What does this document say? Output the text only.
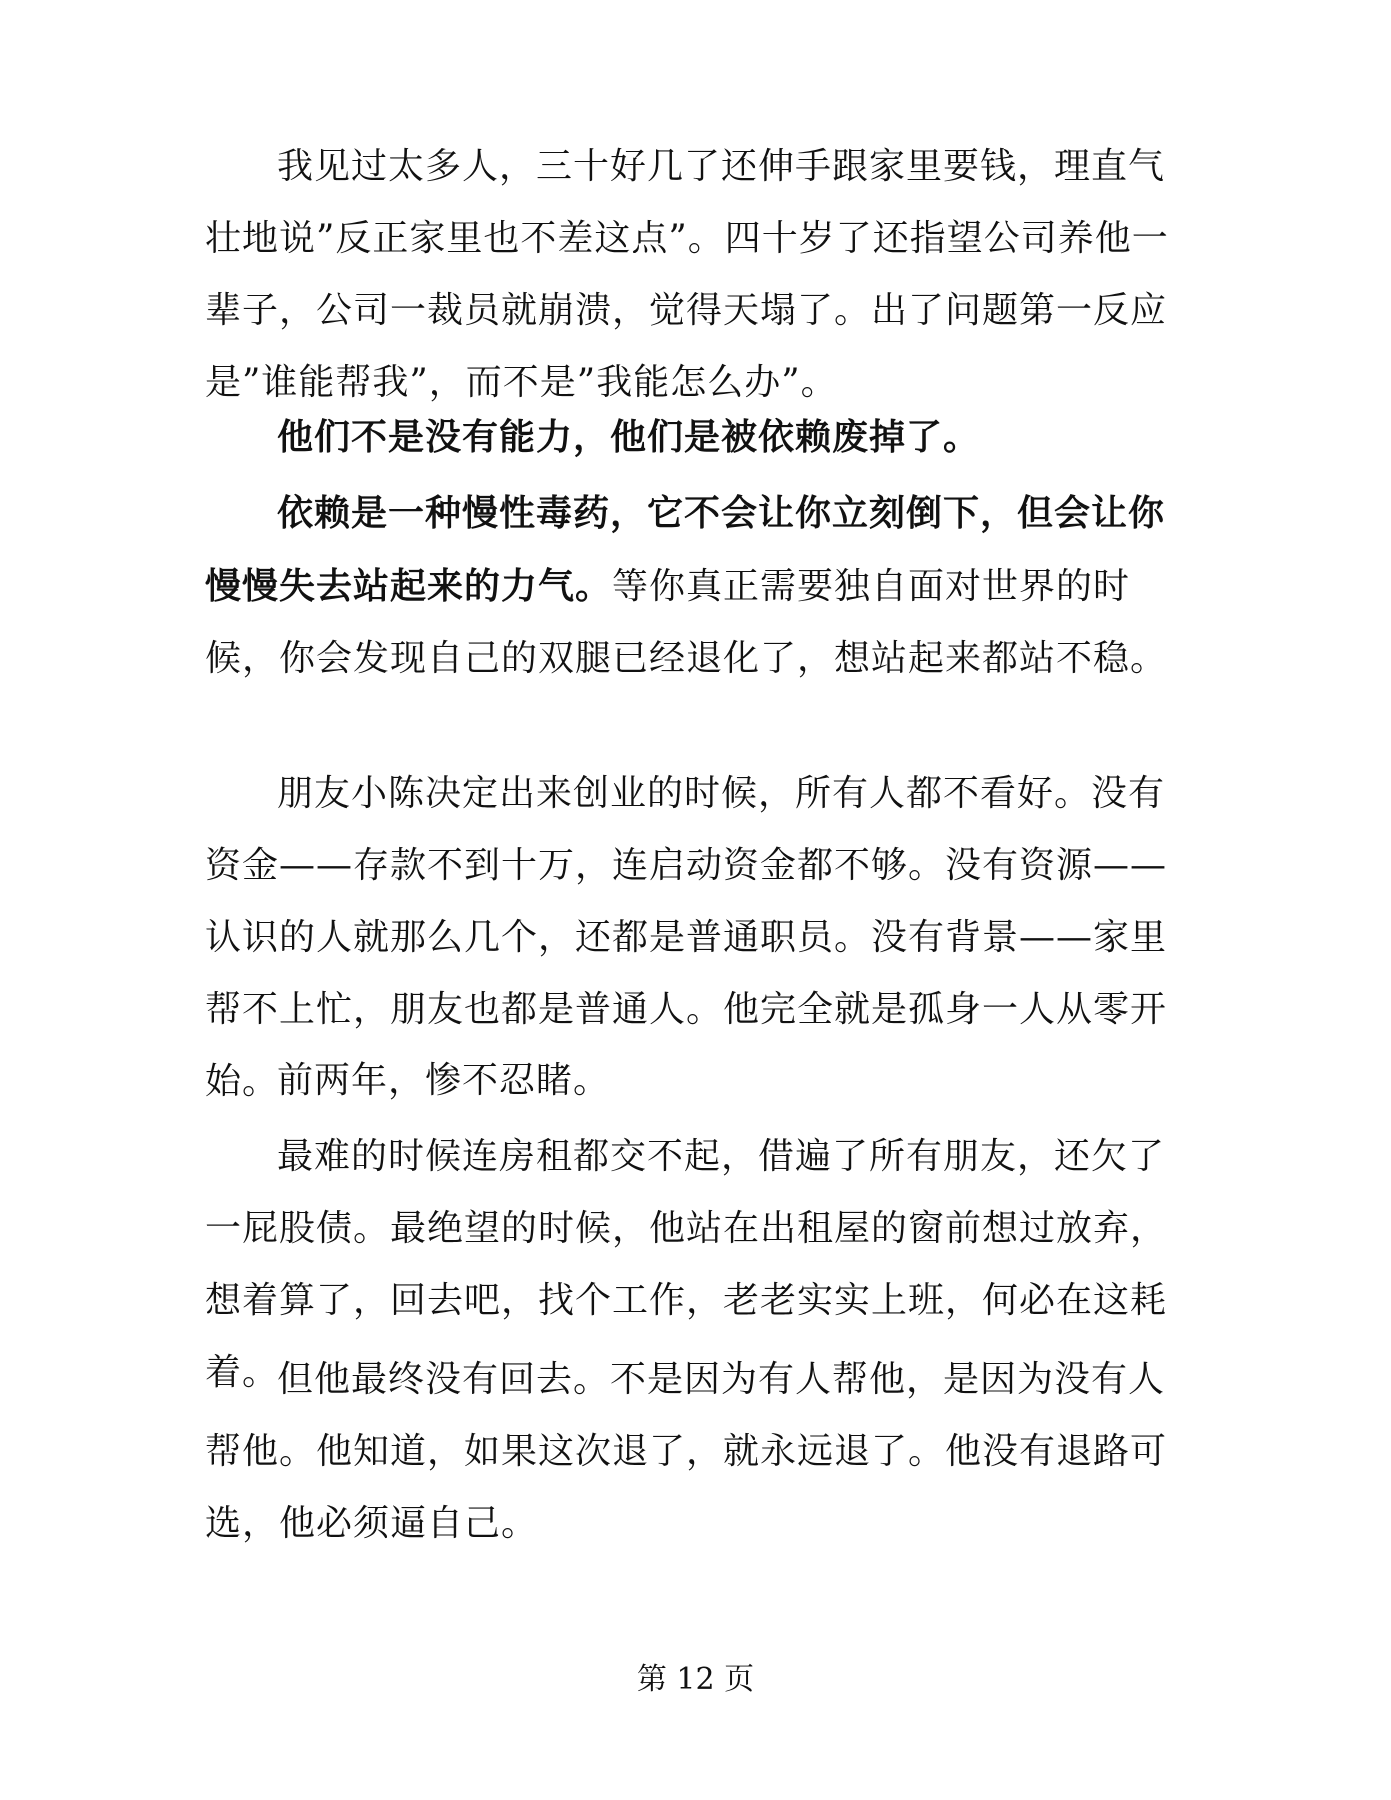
我见过太多人，三十好几了还伸手跟家里要钱，理直气壮地说”反正家里也不差这点”。四十岁了还指望公司养他一辈子，公司一裁员就崩溃，觉得天塌了。出了问题第一反应是”谁能帮我”，而不是”我能怎么办”。

他们不是没有能力，他们是被依赖废掉了。

依赖是一种慢性毒药，它不会让你立刻倒下，但会让你慢慢失去站起来的力气。等你真正需要独自面对世界的时候，你会发现自己的双腿已经退化了，想站起来都站不稳。

朋友小陈决定出来创业的时候，所有人都不看好。没有资金——存款不到十万，连启动资金都不够。没有资源——认识的人就那么几个，还都是普通职员。没有背景——家里帮不上忙，朋友也都是普通人。他完全就是孤身一人从零开始。

前两年，惨不忍睹。

最难的时候连房租都交不起，借遍了所有朋友，还欠了一屁股债。最绝望的时候，他站在出租屋的窗前想过放弃，想着算了，回去吧，找个工作，老老实实上班，何必在这耗着。

但他最终没有回去。不是因为有人帮他，是因为没有人帮他。他知道，如果这次退了，就永远退了。他没有退路可选，他必须逼自己。

第 12 页
